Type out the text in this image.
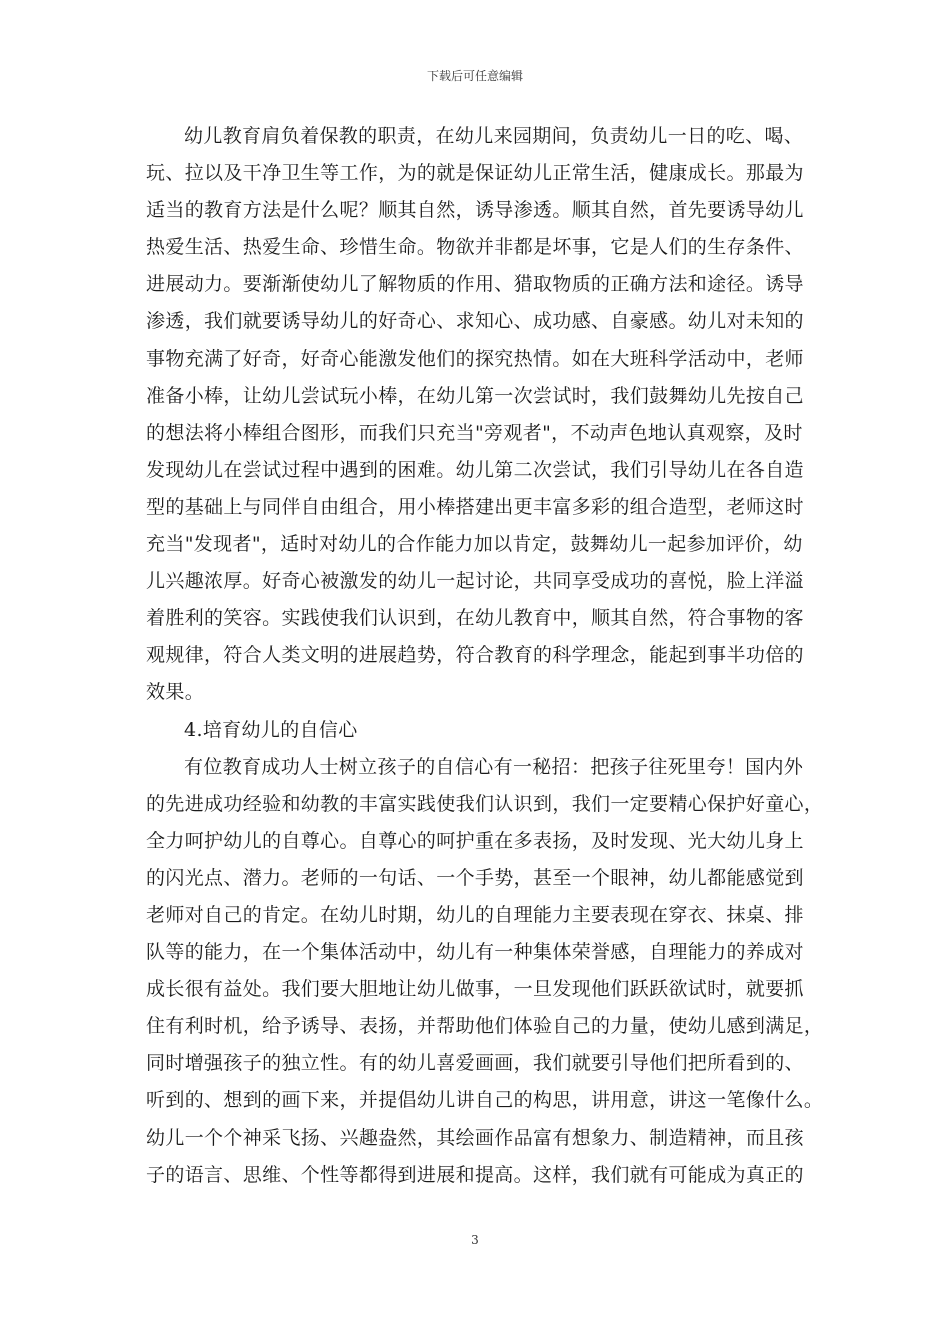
下载后可任意编辑
幼儿教育肩负着保教的职责，在幼儿来园期间，负责幼儿一日的吃、喝、
玩、拉以及干净卫生等工作，为的就是保证幼儿正常生活，健康成长。那最为
适当的教育方法是什么呢？顺其自然，诱导渗透。顺其自然，首先要诱导幼儿
热爱生活、热爱生命、珍惜生命。物欲并非都是坏事，它是人们的生存条件、
进展动力。要渐渐使幼儿了解物质的作用、猎取物质的正确方法和途径。诱导
渗透，我们就要诱导幼儿的好奇心、求知心、成功感、自豪感。幼儿对未知的
事物充满了好奇，好奇心能激发他们的探究热情。如在大班科学活动中，老师
准备小棒，让幼儿尝试玩小棒，在幼儿第一次尝试时，我们鼓舞幼儿先按自己
的想法将小棒组合图形，而我们只充当"旁观者"，不动声色地认真观察，及时
发现幼儿在尝试过程中遇到的困难。幼儿第二次尝试，我们引导幼儿在各自造
型的基础上与同伴自由组合，用小棒搭建出更丰富多彩的组合造型，老师这时
充当"发现者"，适时对幼儿的合作能力加以肯定，鼓舞幼儿一起参加评价，幼
儿兴趣浓厚。好奇心被激发的幼儿一起讨论，共同享受成功的喜悦，脸上洋溢
着胜利的笑容。实践使我们认识到，在幼儿教育中，顺其自然，符合事物的客
观规律，符合人类文明的进展趋势，符合教育的科学理念，能起到事半功倍的
效果。
4.培育幼儿的自信心
有位教育成功人士树立孩子的自信心有一秘招：把孩子往死里夸！国内外
的先进成功经验和幼教的丰富实践使我们认识到，我们一定要精心保护好童心，
全力呵护幼儿的自尊心。自尊心的呵护重在多表扬，及时发现、光大幼儿身上
的闪光点、潜力。老师的一句话、一个手势，甚至一个眼神，幼儿都能感觉到
老师对自己的肯定。在幼儿时期，幼儿的自理能力主要表现在穿衣、抹桌、排
队等的能力，在一个集体活动中，幼儿有一种集体荣誉感，自理能力的养成对
成长很有益处。我们要大胆地让幼儿做事，一旦发现他们跃跃欲试时，就要抓
住有利时机，给予诱导、表扬，并帮助他们体验自己的力量，使幼儿感到满足，
同时增强孩子的独立性。有的幼儿喜爱画画，我们就要引导他们把所看到的、
听到的、想到的画下来，并提倡幼儿讲自己的构思，讲用意，讲这一笔像什么。
幼儿一个个神采飞扬、兴趣盎然，其绘画作品富有想象力、制造精神，而且孩
子的语言、思维、个性等都得到进展和提高。这样，我们就有可能成为真正的
3
